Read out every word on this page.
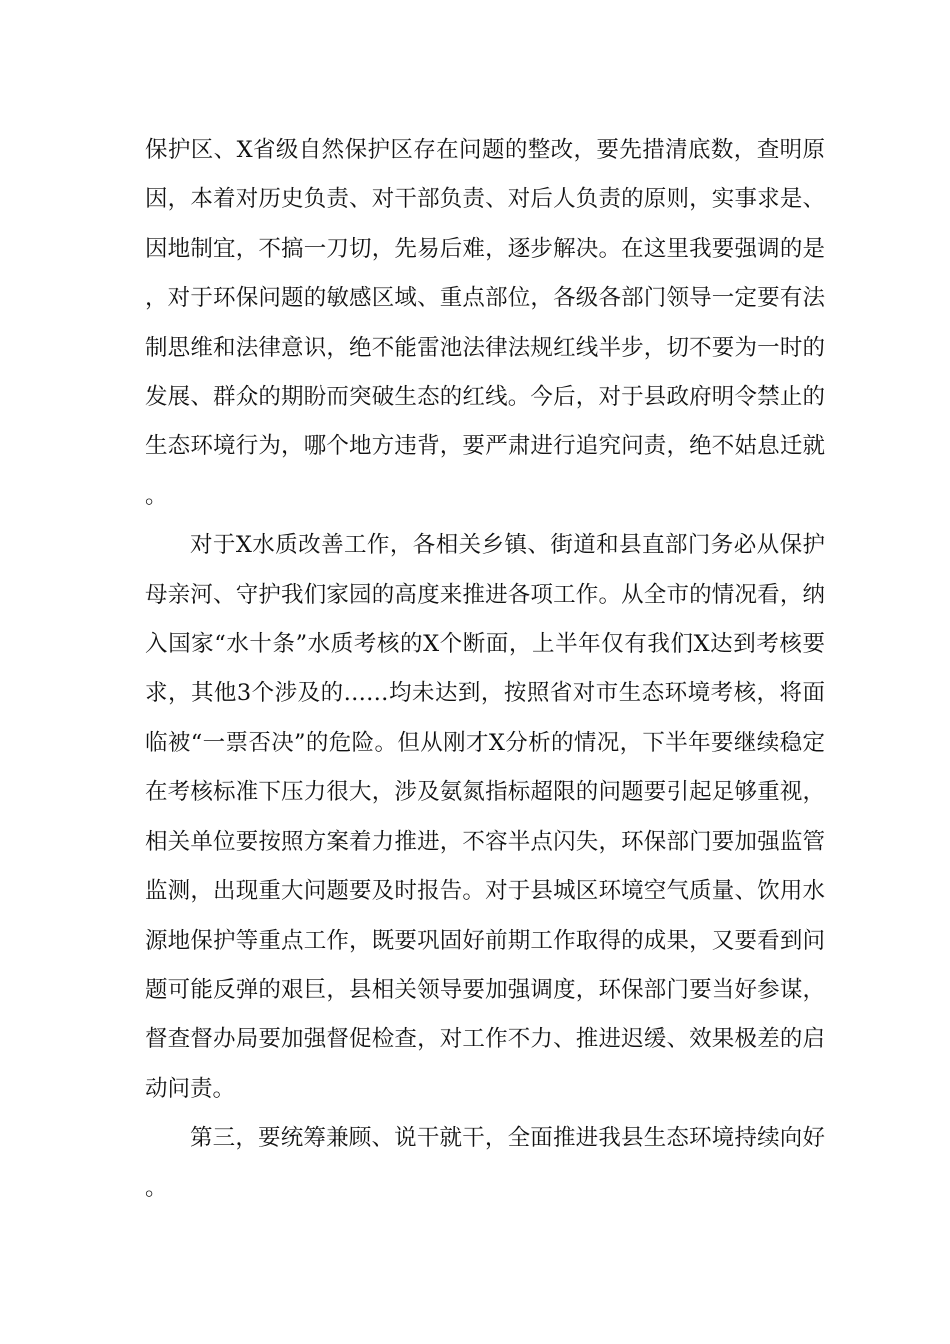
保护区、X省级自然保护区存在问题的整改，要先措清底数，查明原因，本着对历史负责、对干部负责、对后人负责的原则，实事求是、因地制宜，不搞一刀切，先易后难，逐步解决。在这里我要强调的是，对于环保问题的敏感区域、重点部位，各级各部门领导一定要有法制思维和法律意识，绝不能雷池法律法规红线半步，切不要为一时的发展、群众的期盼而突破生态的红线。今后，对于县政府明令禁止的生态环境行为，哪个地方违背，要严肃进行追究问责，绝不姑息迁就。

对于X水质改善工作，各相关乡镇、街道和县直部门务必从保护母亲河、守护我们家园的高度来推进各项工作。从全市的情况看，纳入国家“水十条”水质考核的X个断面，上半年仅有我们X达到考核要求，其他3个涉及的……均未达到，按照省对市生态环境考核，将面临被“一票否决”的危险。但从刚才X分析的情况，下半年要继续稳定在考核标准下压力很大，涉及氨氮指标超限的问题要引起足够重视，相关单位要按照方案着力推进，不容半点闪失，环保部门要加强监管监测，出现重大问题要及时报告。对于县城区环境空气质量、饮用水源地保护等重点工作，既要巩固好前期工作取得的成果，又要看到问题可能反弹的艰巨，县相关领导要加强调度，环保部门要当好参谋，督查督办局要加强督促检查，对工作不力、推进迟缓、效果极差的启动问责。

第三，要统筹兼顾、说干就干，全面推进我县生态环境持续向好。
